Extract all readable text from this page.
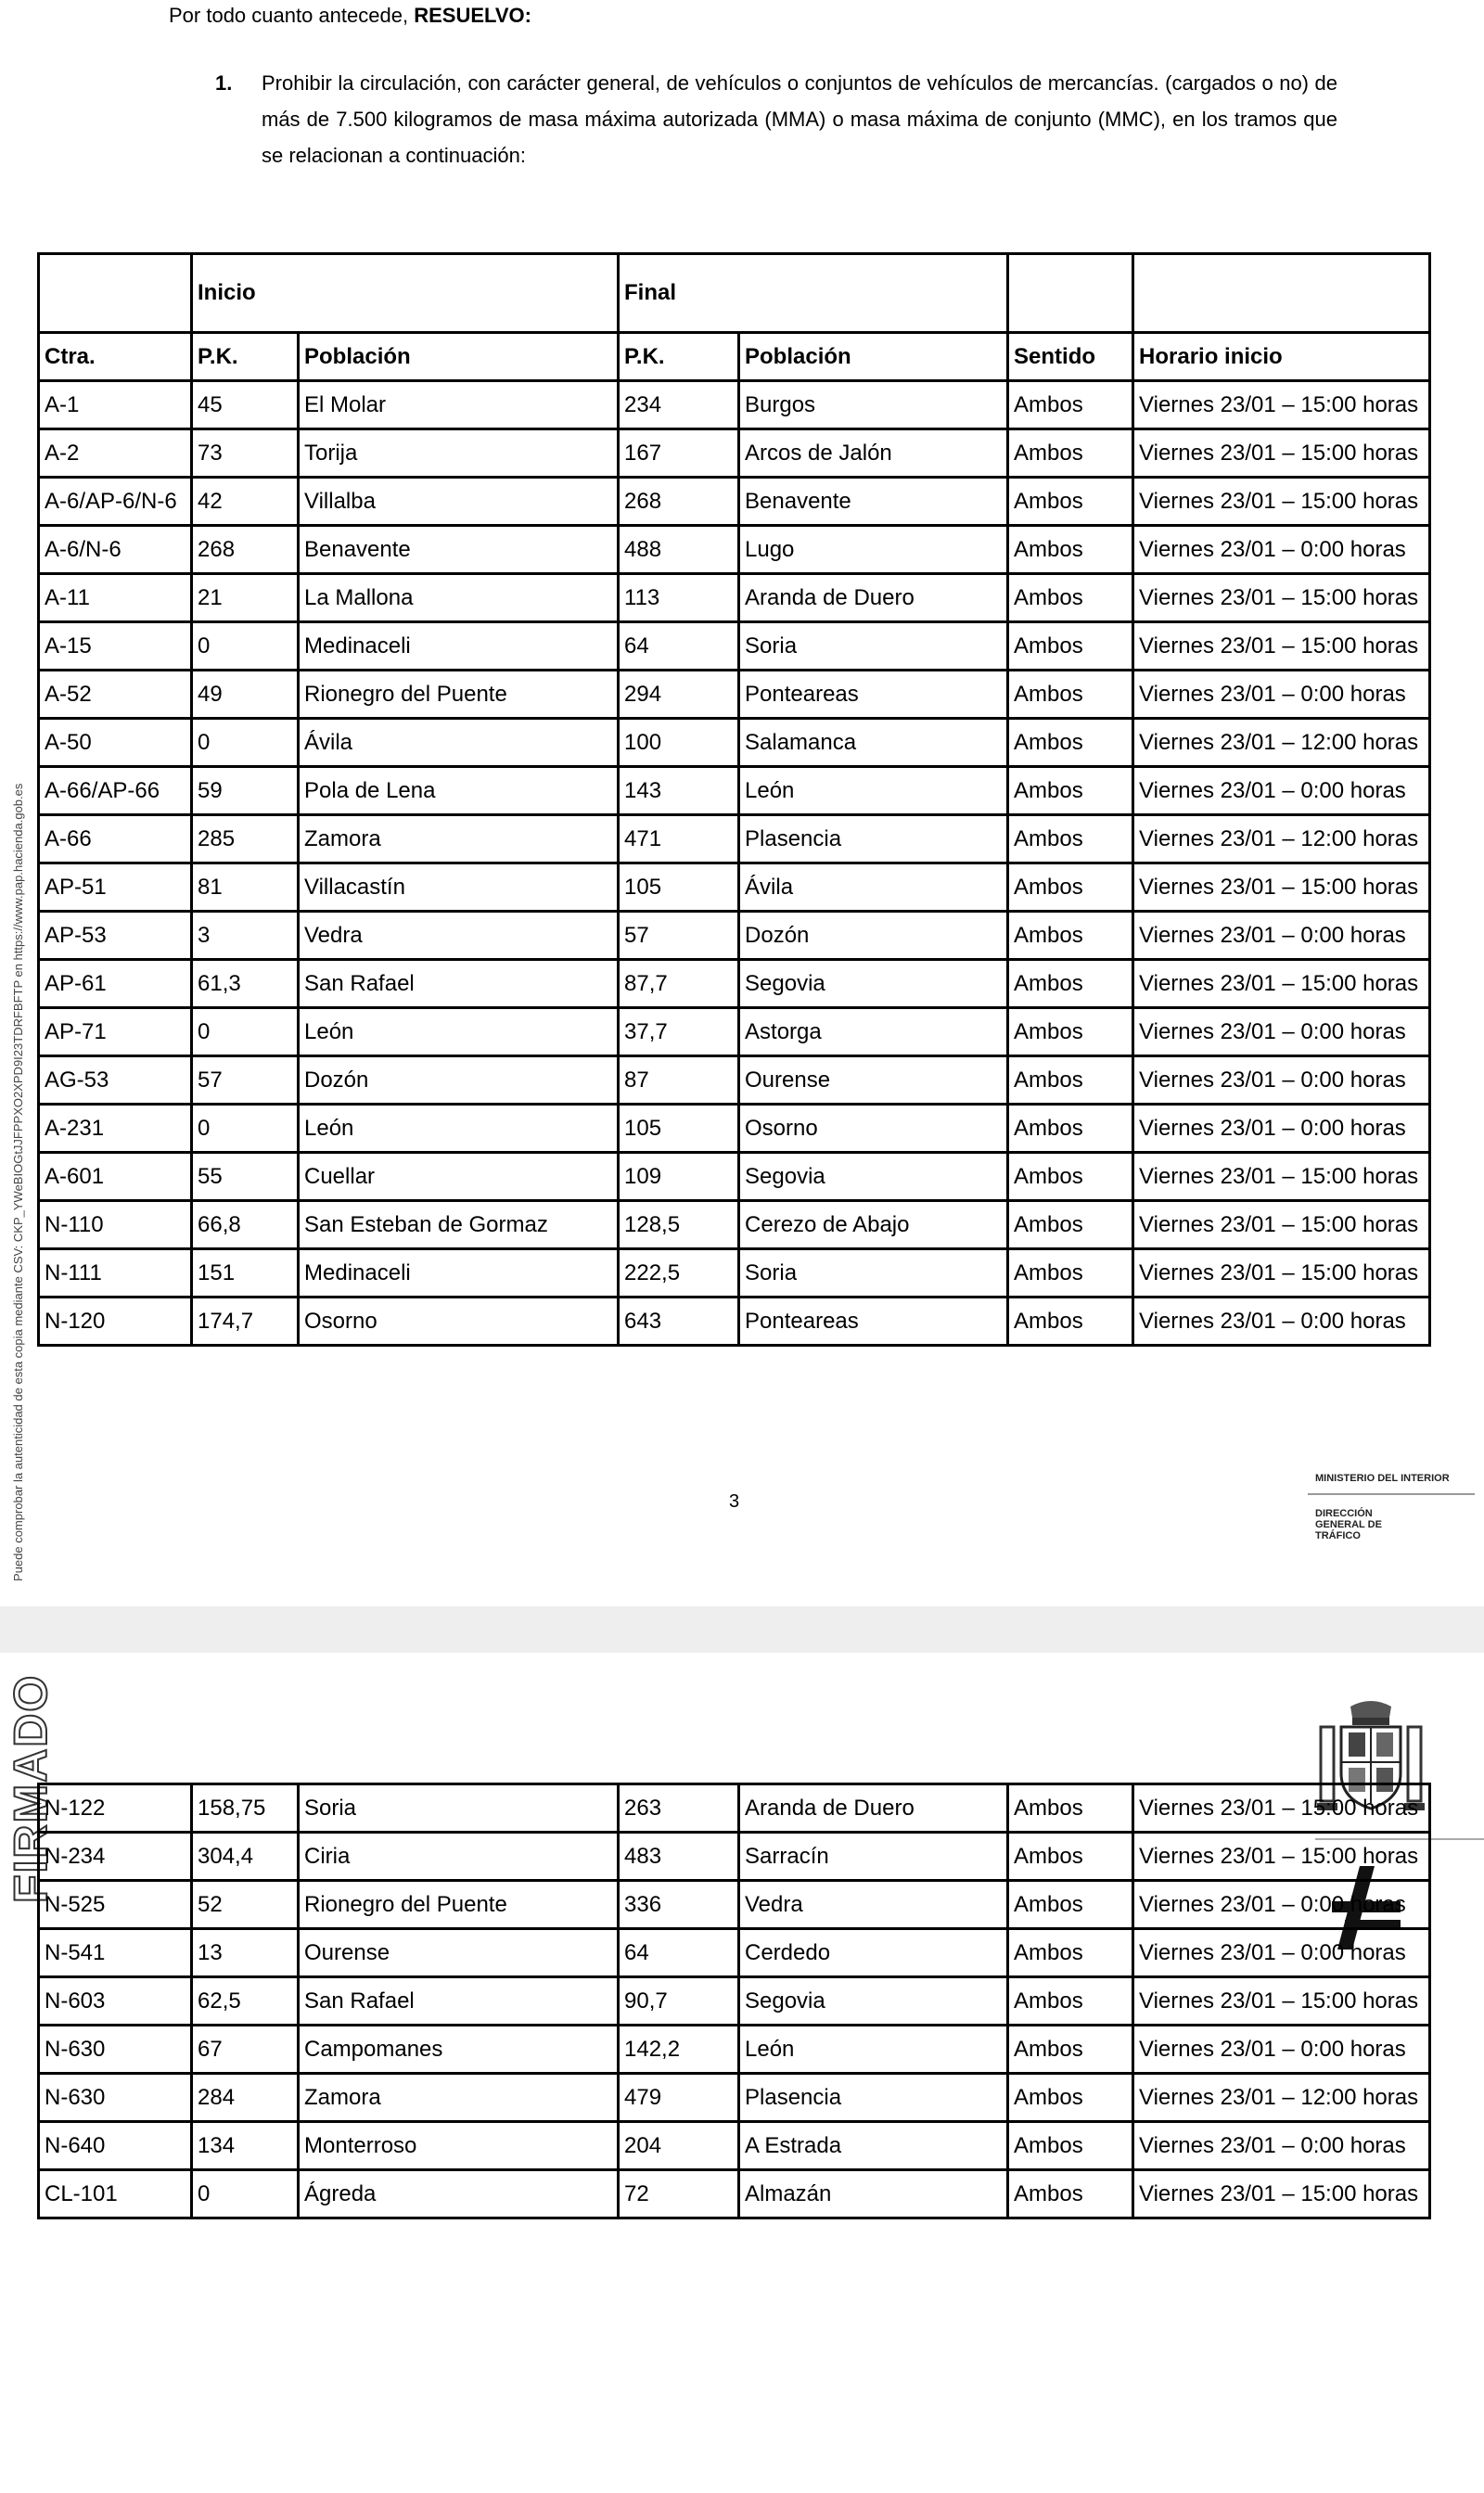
Por todo cuanto antecede, RESUELVO:
1. Prohibir la circulación, con carácter general, de vehículos o conjuntos de vehículos de mercancías. (cargados o no) de más de 7.500 kilogramos de masa máxima autorizada (MMA) o masa máxima de conjunto (MMC), en los tramos que se relacionan a continuación:
	Inicio		Final			
Ctra.	P.K.	Población	P.K.	Población	Sentido	Horario inicio
A-1	45	El Molar	234	Burgos	Ambos	Viernes 23/01 – 15:00 horas
A-2	73	Torija	167	Arcos de Jalón	Ambos	Viernes 23/01 – 15:00 horas
A-6/AP-6/N-6	42	Villalba	268	Benavente	Ambos	Viernes 23/01 – 15:00 horas
A-6/N-6	268	Benavente	488	Lugo	Ambos	Viernes 23/01 – 0:00 horas
A-11	21	La Mallona	113	Aranda de Duero	Ambos	Viernes 23/01 – 15:00 horas
A-15	0	Medinaceli	64	Soria	Ambos	Viernes 23/01 – 15:00 horas
A-52	49	Rionegro del Puente	294	Ponteareas	Ambos	Viernes 23/01 – 0:00 horas
A-50	0	Ávila	100	Salamanca	Ambos	Viernes 23/01 – 12:00 horas
A-66/AP-66	59	Pola de Lena	143	León	Ambos	Viernes 23/01 – 0:00 horas
A-66	285	Zamora	471	Plasencia	Ambos	Viernes 23/01 – 12:00 horas
AP-51	81	Villacastín	105	Ávila	Ambos	Viernes 23/01 – 15:00 horas
AP-53	3	Vedra	57	Dozón	Ambos	Viernes 23/01 – 0:00 horas
AP-61	61,3	San Rafael	87,7	Segovia	Ambos	Viernes 23/01 – 15:00 horas
AP-71	0	León	37,7	Astorga	Ambos	Viernes 23/01 – 0:00 horas
AG-53	57	Dozón	87	Ourense	Ambos	Viernes 23/01 – 0:00 horas
A-231	0	León	105	Osorno	Ambos	Viernes 23/01 – 0:00 horas
A-601	55	Cuellar	109	Segovia	Ambos	Viernes 23/01 – 15:00 horas
N-110	66,8	San Esteban de Gormaz	128,5	Cerezo de Abajo	Ambos	Viernes 23/01 – 15:00 horas
N-111	151	Medinaceli	222,5	Soria	Ambos	Viernes 23/01 – 15:00 horas
N-120	174,7	Osorno	643	Ponteareas	Ambos	Viernes 23/01 – 0:00 horas
3
Puede comprobar la autenticidad de esta copia mediante CSV: CKP_YWeBIOGtJJFPPXO2XPD9I23TDRFBFTP en https://www.pap.hacienda.gob.es	MINISTERIO DEL INTERIOR
DIRECCIÓN GENERAL DE TRÁFICO
FIRMADO
N-122	158,75	Soria	263	Aranda de Duero	Ambos	Viernes 23/01 – 15:00 horas
N-234	304,4	Ciria	483	Sarracín	Ambos	Viernes 23/01 – 15:00 horas
N-525	52	Rionegro del Puente	336	Vedra	Ambos	Viernes 23/01 – 0:00 horas
N-541	13	Ourense	64	Cerdedo	Ambos	Viernes 23/01 – 0:00 horas
N-603	62,5	San Rafael	90,7	Segovia	Ambos	Viernes 23/01 – 15:00 horas
N-630	67	Campomanes	142,2	León	Ambos	Viernes 23/01 – 0:00 horas
N-630	284	Zamora	479	Plasencia	Ambos	Viernes 23/01 – 12:00 horas
N-640	134	Monterroso	204	A Estrada	Ambos	Viernes 23/01 – 0:00 horas
CL-101	0	Ágreda	72	Almazán	Ambos	Viernes 23/01 – 15:00 horas
